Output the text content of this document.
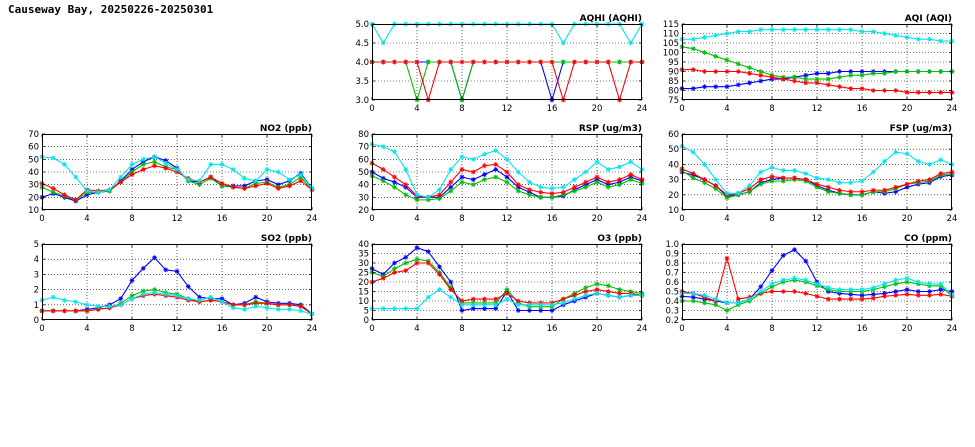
Causeway Bay, 20250226-20250301
3.0
3.5
4.0
4.5
5.0
0	4	8	12	16	20	24
AQHI (AQHI)
75
80
85
90
95
100
105
110
115
0	4	8	12	16	20	24
AQI (AQI)
10
20
30
40
50
60
70
0	4	8	12	16	20	24
NO2 (ppb)
20
30
40
50
60
70
80
0	4	8	12	16	20	24
RSP (ug/m3)
10
20
30
40
50
60
0	4	8	12	16	20	24
FSP (ug/m3)
0
1
2
3
4
5
0	4	8	12	16	20	24
SO2 (ppb)
0
5
10
15
20
25
30
35
40
0	4	8	12	16	20	24
O3 (ppb)
0.2
0.3
0.4
0.5
0.6
0.7
0.8
0.9
1.0
0	4	8	12	16	20	24
CO (ppm)
